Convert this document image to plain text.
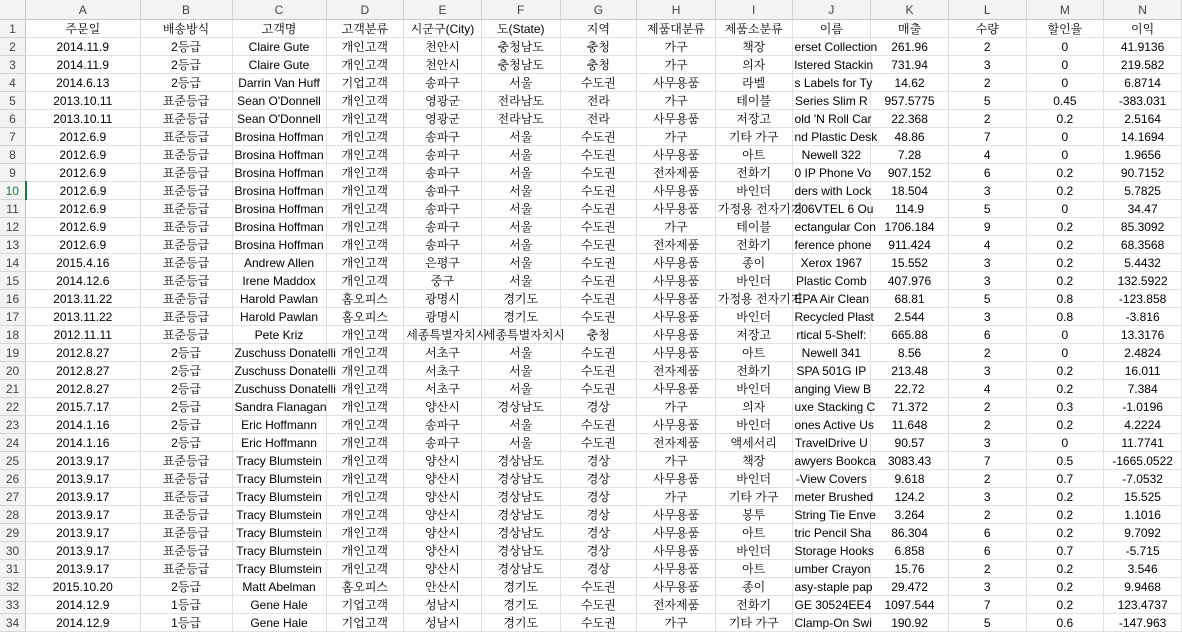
	A	B	C	D	E	F	G	H	I	J	K	L	M	N
1	주문일	배송방식	고객명	고객분류	시군구(City)	도(State)	지역	제품대분류	제품소분류	이름	매출	수량	할인율	이익
2	2014.11.9	2등급	Claire Gute	개인고객	천안시	충청남도	충청	가구	책장	erset Collection	261.96	2	0	41.9136
3	2014.11.9	2등급	Claire Gute	개인고객	천안시	충청남도	충청	가구	의자	lstered Stackin	731.94	3	0	219.582
4	2014.6.13	2등급	Darrin Van Huff	기업고객	송파구	서울	수도권	사무용품	라벨	s Labels for Ty	14.62	2	0	6.8714
5	2013.10.11	표준등급	Sean O'Donnell	개인고객	영광군	전라남도	전라	가구	테이블	Series Slim R	957.5775	5	0.45	-383.031
6	2013.10.11	표준등급	Sean O'Donnell	개인고객	영광군	전라남도	전라	사무용품	저장고	old 'N Roll Car	22.368	2	0.2	2.5164
7	2012.6.9	표준등급	Brosina Hoffman	개인고객	송파구	서울	수도권	가구	기타 가구	nd Plastic Desk	48.86	7	0	14.1694
8	2012.6.9	표준등급	Brosina Hoffman	개인고객	송파구	서울	수도권	사무용품	아트	Newell 322	7.28	4	0	1.9656
9	2012.6.9	표준등급	Brosina Hoffman	개인고객	송파구	서울	수도권	전자제품	전화기	0 IP Phone Vo	907.152	6	0.2	90.7152
10	2012.6.9	표준등급	Brosina Hoffman	개인고객	송파구	서울	수도권	사무용품	바인더	ders with Lock	18.504	3	0.2	5.7825
11	2012.6.9	표준등급	Brosina Hoffman	개인고객	송파구	서울	수도권	사무용품	가정용 전자기기	206VTEL 6 Ou	114.9	5	0	34.47
12	2012.6.9	표준등급	Brosina Hoffman	개인고객	송파구	서울	수도권	가구	테이블	ectangular Con	1706.184	9	0.2	85.3092
13	2012.6.9	표준등급	Brosina Hoffman	개인고객	송파구	서울	수도권	전자제품	전화기	ference phone	911.424	4	0.2	68.3568
14	2015.4.16	표준등급	Andrew Allen	개인고객	은평구	서울	수도권	사무용품	종이	Xerox 1967	15.552	3	0.2	5.4432
15	2014.12.6	표준등급	Irene Maddox	개인고객	중구	서울	수도권	사무용품	바인더	Plastic Comb	407.976	3	0.2	132.5922
16	2013.11.22	표준등급	Harold Pawlan	홈오피스	광명시	경기도	수도권	사무용품	가정용 전자기기	EPA Air Clean	68.81	5	0.8	-123.858
17	2013.11.22	표준등급	Harold Pawlan	홈오피스	광명시	경기도	수도권	사무용품	바인더	Recycled Plast	2.544	3	0.8	-3.816
18	2012.11.11	표준등급	Pete Kriz	개인고객	세종특별자치시	세종특별자치시	충청	사무용품	저장고	rtical 5-Shelf:	665.88	6	0	13.3176
19	2012.8.27	2등급	Zuschuss Donatelli	개인고객	서초구	서울	수도권	사무용품	아트	Newell 341	8.56	2	0	2.4824
20	2012.8.27	2등급	Zuschuss Donatelli	개인고객	서초구	서울	수도권	전자제품	전화기	SPA 501G IP	213.48	3	0.2	16.011
21	2012.8.27	2등급	Zuschuss Donatelli	개인고객	서초구	서울	수도권	사무용품	바인더	anging View B	22.72	4	0.2	7.384
22	2015.7.17	2등급	Sandra Flanagan	개인고객	양산시	경상남도	경상	가구	의자	uxe Stacking C	71.372	2	0.3	-1.0196
23	2014.1.16	2등급	Eric Hoffmann	개인고객	송파구	서울	수도권	사무용품	바인더	ones Active Us	11.648	2	0.2	4.2224
24	2014.1.16	2등급	Eric Hoffmann	개인고객	송파구	서울	수도권	전자제품	액세서리	TravelDrive U	90.57	3	0	11.7741
25	2013.9.17	표준등급	Tracy Blumstein	개인고객	양산시	경상남도	경상	가구	책장	awyers Bookca	3083.43	7	0.5	-1665.0522
26	2013.9.17	표준등급	Tracy Blumstein	개인고객	양산시	경상남도	경상	사무용품	바인더	-View Covers	9.618	2	0.7	-7.0532
27	2013.9.17	표준등급	Tracy Blumstein	개인고객	양산시	경상남도	경상	가구	기타 가구	meter Brushed	124.2	3	0.2	15.525
28	2013.9.17	표준등급	Tracy Blumstein	개인고객	양산시	경상남도	경상	사무용품	봉투	String Tie Enve	3.264	2	0.2	1.1016
29	2013.9.17	표준등급	Tracy Blumstein	개인고객	양산시	경상남도	경상	사무용품	아트	tric Pencil Sha	86.304	6	0.2	9.7092
30	2013.9.17	표준등급	Tracy Blumstein	개인고객	양산시	경상남도	경상	사무용품	바인더	Storage Hooks	6.858	6	0.7	-5.715
31	2013.9.17	표준등급	Tracy Blumstein	개인고객	양산시	경상남도	경상	사무용품	아트	umber Crayon	15.76	2	0.2	3.546
32	2015.10.20	2등급	Matt Abelman	홈오피스	안산시	경기도	수도권	사무용품	종이	asy-staple pap	29.472	3	0.2	9.9468
33	2014.12.9	1등급	Gene Hale	기업고객	성남시	경기도	수도권	전자제품	전화기	GE 30524EE4	1097.544	7	0.2	123.4737
34	2014.12.9	1등급	Gene Hale	기업고객	성남시	경기도	수도권	가구	기타 가구	Clamp-On Swi	190.92	5	0.6	-147.963
